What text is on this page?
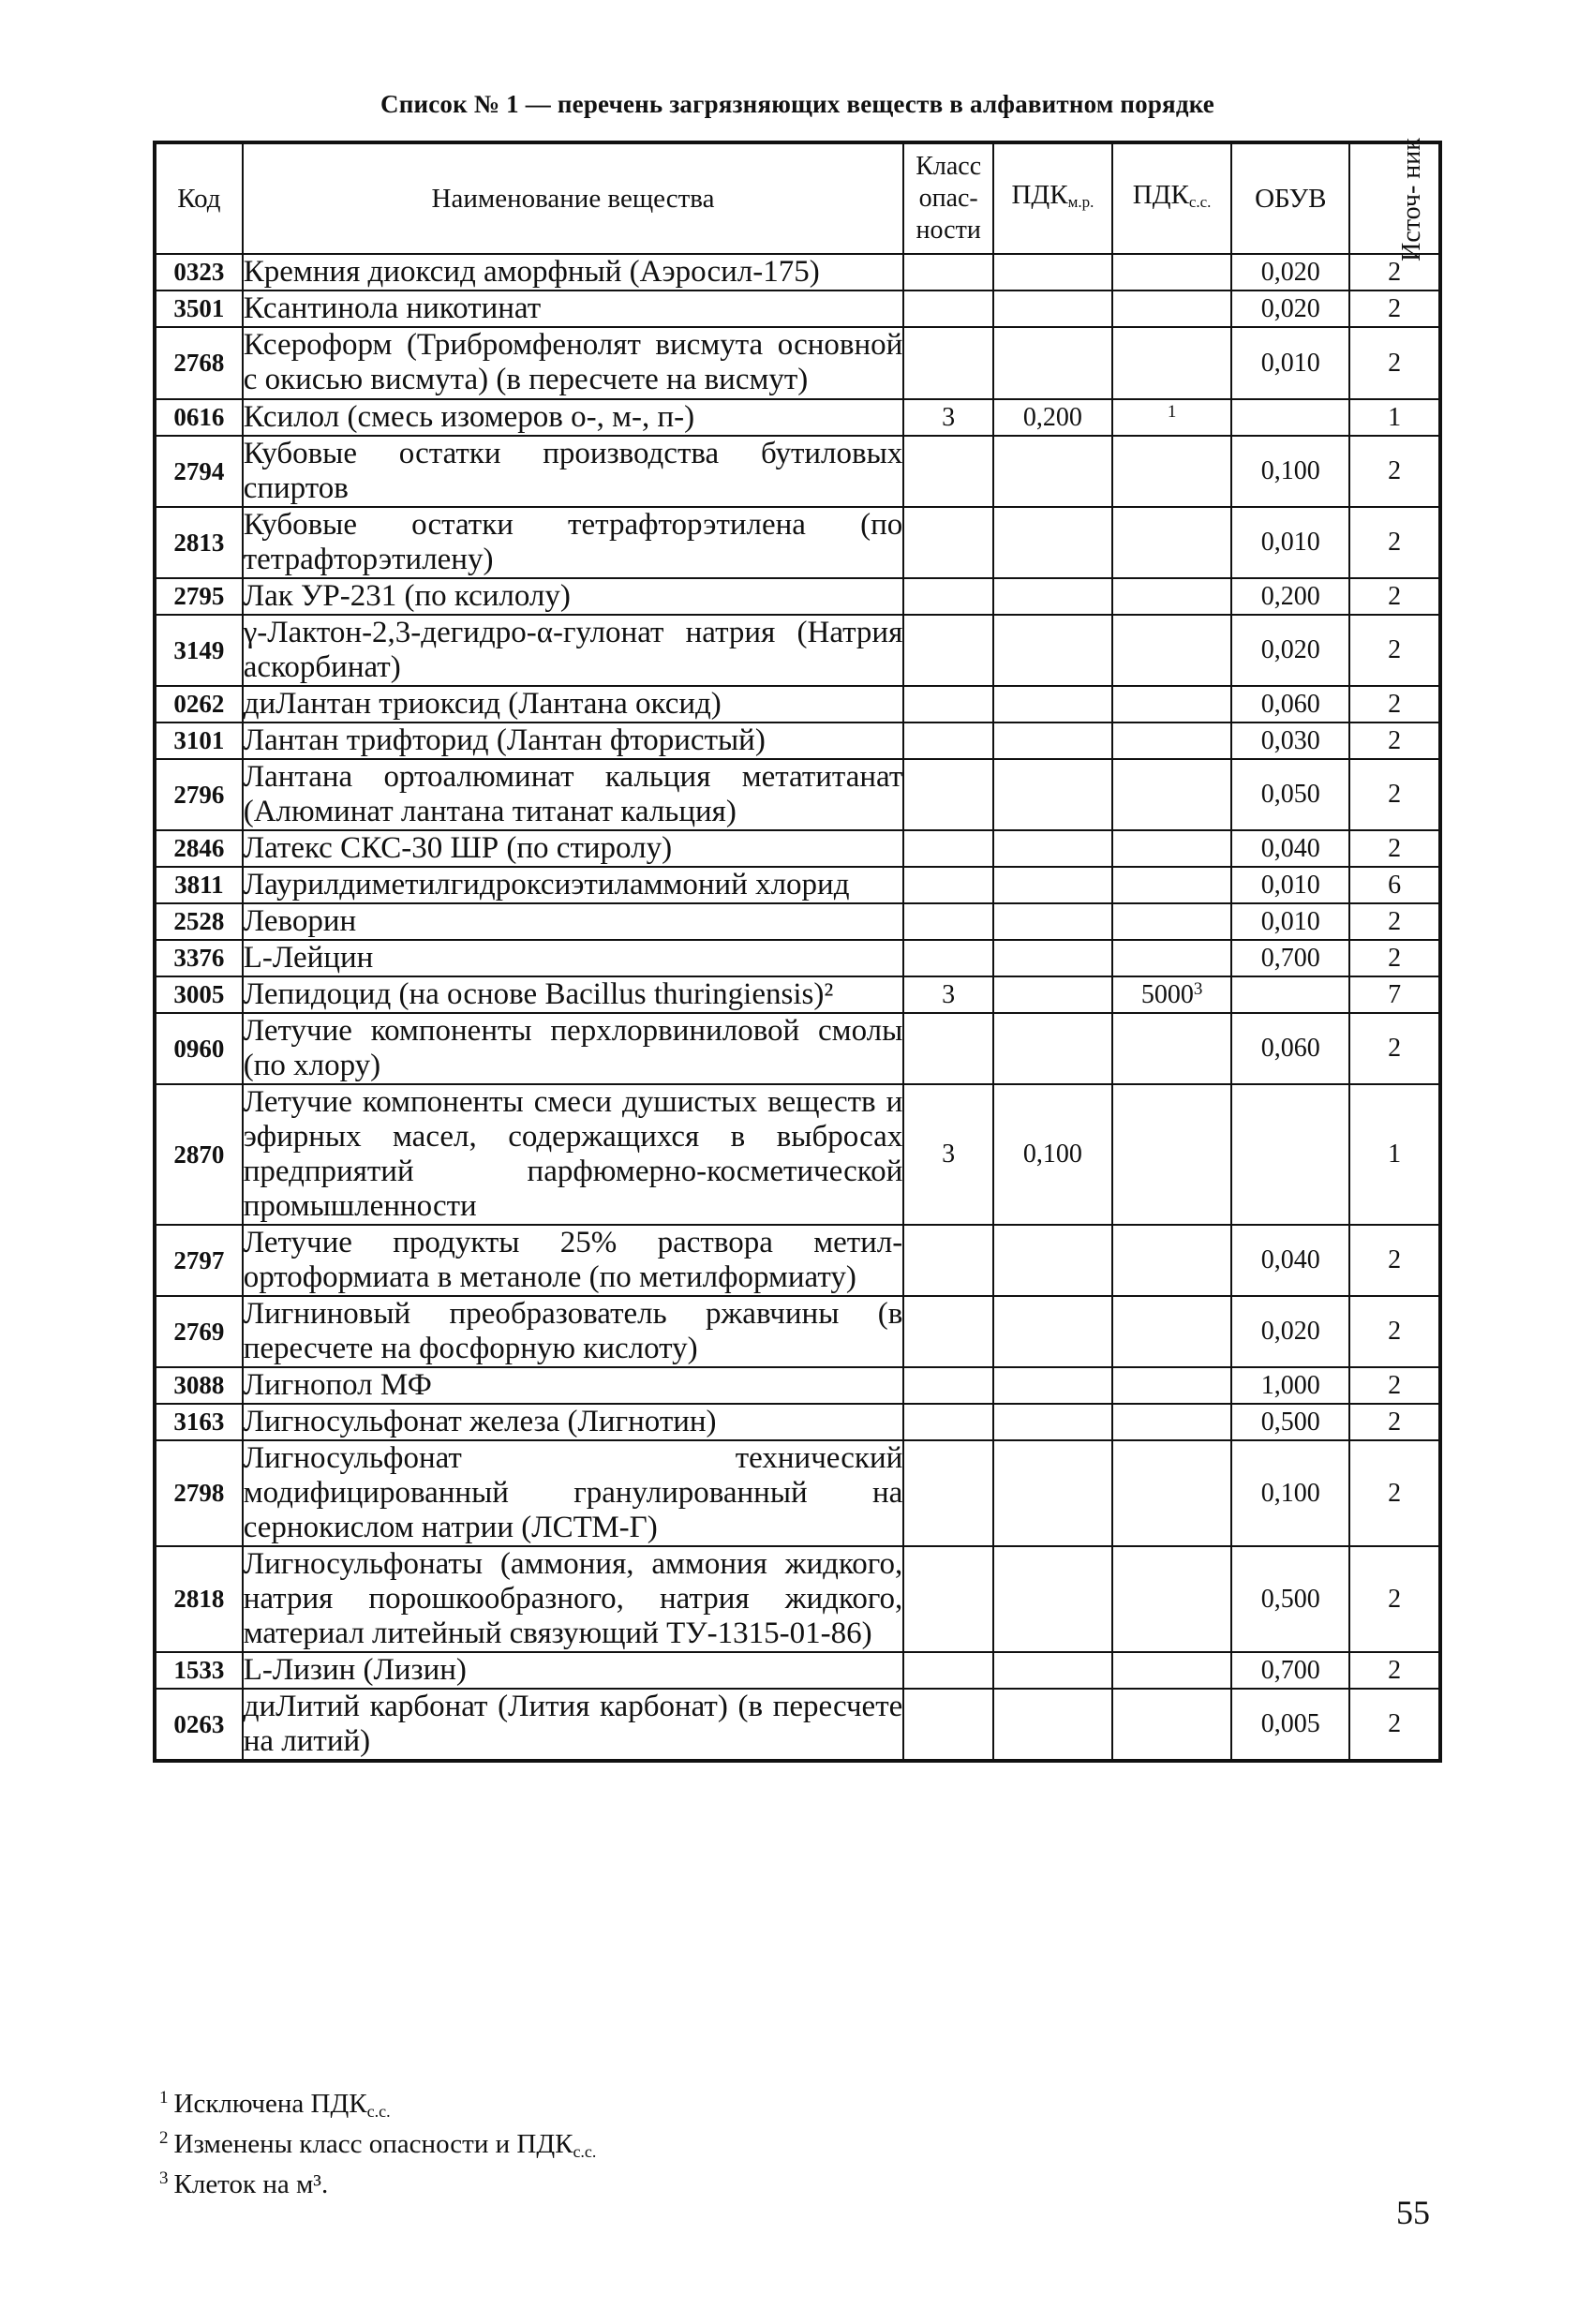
Список № 1 — перечень загрязняющих веществ в алфавитном порядке
Код	Наименование вещества	Класс
опас-
ности	$ПДК_{м.р.}$	$ПДК_{с.с.}$	ОБУВ	Источ- ник
0323	Кремния диоксид аморфный (Аэросил-175)				0,020	2
3501	Ксантинола никотинат				0,020	2
2768	Ксероформ (Трибромфенолят висмута основной с окисью висмута) (в пересчете на висмут)				0,010	2
0616	Ксилол (смесь изомеров о-, м-, п-)	3	0,200	$^1$		1
2794	Кубовые остатки производства бутиловых спиртов				0,100	2
2813	Кубовые остатки тетрафторэтилена (по тетрафторэтилену)				0,010	2
2795	Лак УР-231 (по ксилолу)				0,200	2
3149	γ-Лактон-2,3-дегидро-α-гулонат натрия (Натрия аскорбинат)				0,020	2
0262	диЛантан триоксид (Лантана оксид)				0,060	2
3101	Лантан трифторид (Лантан фтористый)				0,030	2
2796	Лантана ортоалюминат кальция метатитанат (Алюминат лантана титанат кальция)				0,050	2
2846	Латекс СКС-30 ШР (по стиролу)				0,040	2
3811	Лаурилдиметилгидроксиэтиламмоний хлорид				0,010	6
2528	Леворин				0,010	2
3376	L-Лейцин				0,700	2
3005	Лепидоцид (на основе Bacillus thuringiensis)²	3		5000$^3$		7
0960	Летучие компоненты перхлорвиниловой смолы (по хлору)				0,060	2
2870	Летучие компоненты смеси душистых веществ и эфирных масел, содержащихся в выбросах предприятий парфюмерно-косметической промышленности	3	0,100			1
2797	Летучие продукты 25% раствора метил-ортоформиата в метаноле (по метилформиату)				0,040	2
2769	Лигниновый преобразователь ржавчины (в пересчете на фосфорную кислоту)				0,020	2
3088	Лигнопол МФ				1,000	2
3163	Лигносульфонат железа (Лигнотин)				0,500	2
2798	Лигносульфонат технический модифицированный гранулированный на сернокислом натрии (ЛСТМ-Г)				0,100	2
2818	Лигносульфонаты (аммония, аммония жидкого, натрия порошкообразного, натрия жидкого, материал литейный связующий ТУ-1315-01-86)				0,500	2
1533	L-Лизин (Лизин)				0,700	2
0263	диЛитий карбонат (Лития карбонат) (в пересчете на литий)				0,005	2
$^1$ Исключена $ПДК_{с.с.}$
$^2$ Изменены класс опасности и $ПДК_{с.с.}$
$^3$ Клеток на м³.
55
